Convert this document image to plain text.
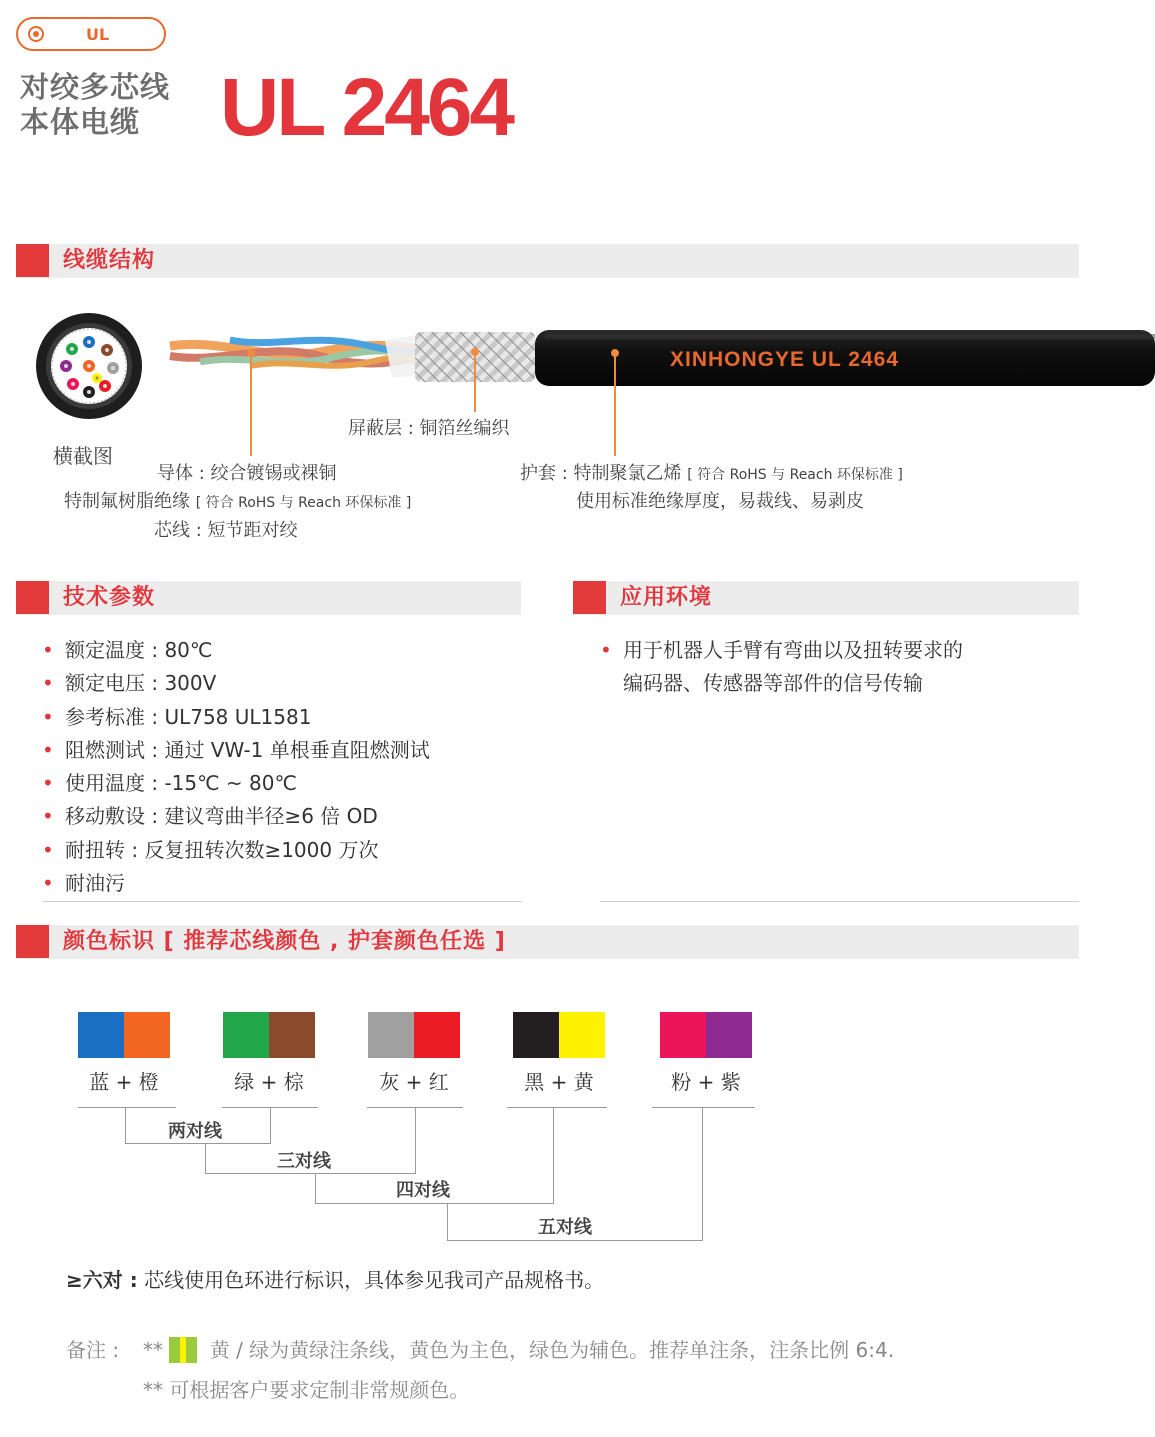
UL
对绞多芯线
本体电缆 UL 2464
线缆结构
横截图
XINHONGYE UL 2464
屏蔽层 : 铜箔丝编织
导体 : 绞合镀锡或裸铜
特制氟树脂绝缘 [ 符合 RoHS 与 Reach 环保标准 ]
芯线 : 短节距对绞
护套 : 特制聚氯乙烯 [ 符合 RoHS 与 Reach 环保标准 ]
使用标准绝缘厚度，易裁线、易剥皮
技术参数
• 额定温度 : 80℃
• 额定电压 : 300V
• 参考标准 : UL758 UL1581
• 阻燃测试 : 通过 VW-1 单根垂直阻燃测试
• 使用温度 : -15℃ ~ 80℃
• 移动敷设 : 建议弯曲半径≥6 倍 OD
• 耐扭转 : 反复扭转次数≥1000 万次
• 耐油污
应用环境
• 用于机器人手臂有弯曲以及扭转要求的
编码器、传感器等部件的信号传输
颜色标识 [ 推荐芯线颜色 , 护套颜色任选 ]
蓝 + 橙	绿 + 棕	灰 + 红	黑 + 黄	粉 + 紫
两对线
三对线
四对线
五对线
≥六对 : 芯线使用色环进行标识，具体参见我司产品规格书。
备注 : ** 黄 / 绿为黄绿注条线，黄色为主色，绿色为辅色。推荐单注条，注条比例 6:4.
** 可根据客户要求定制非常规颜色。
